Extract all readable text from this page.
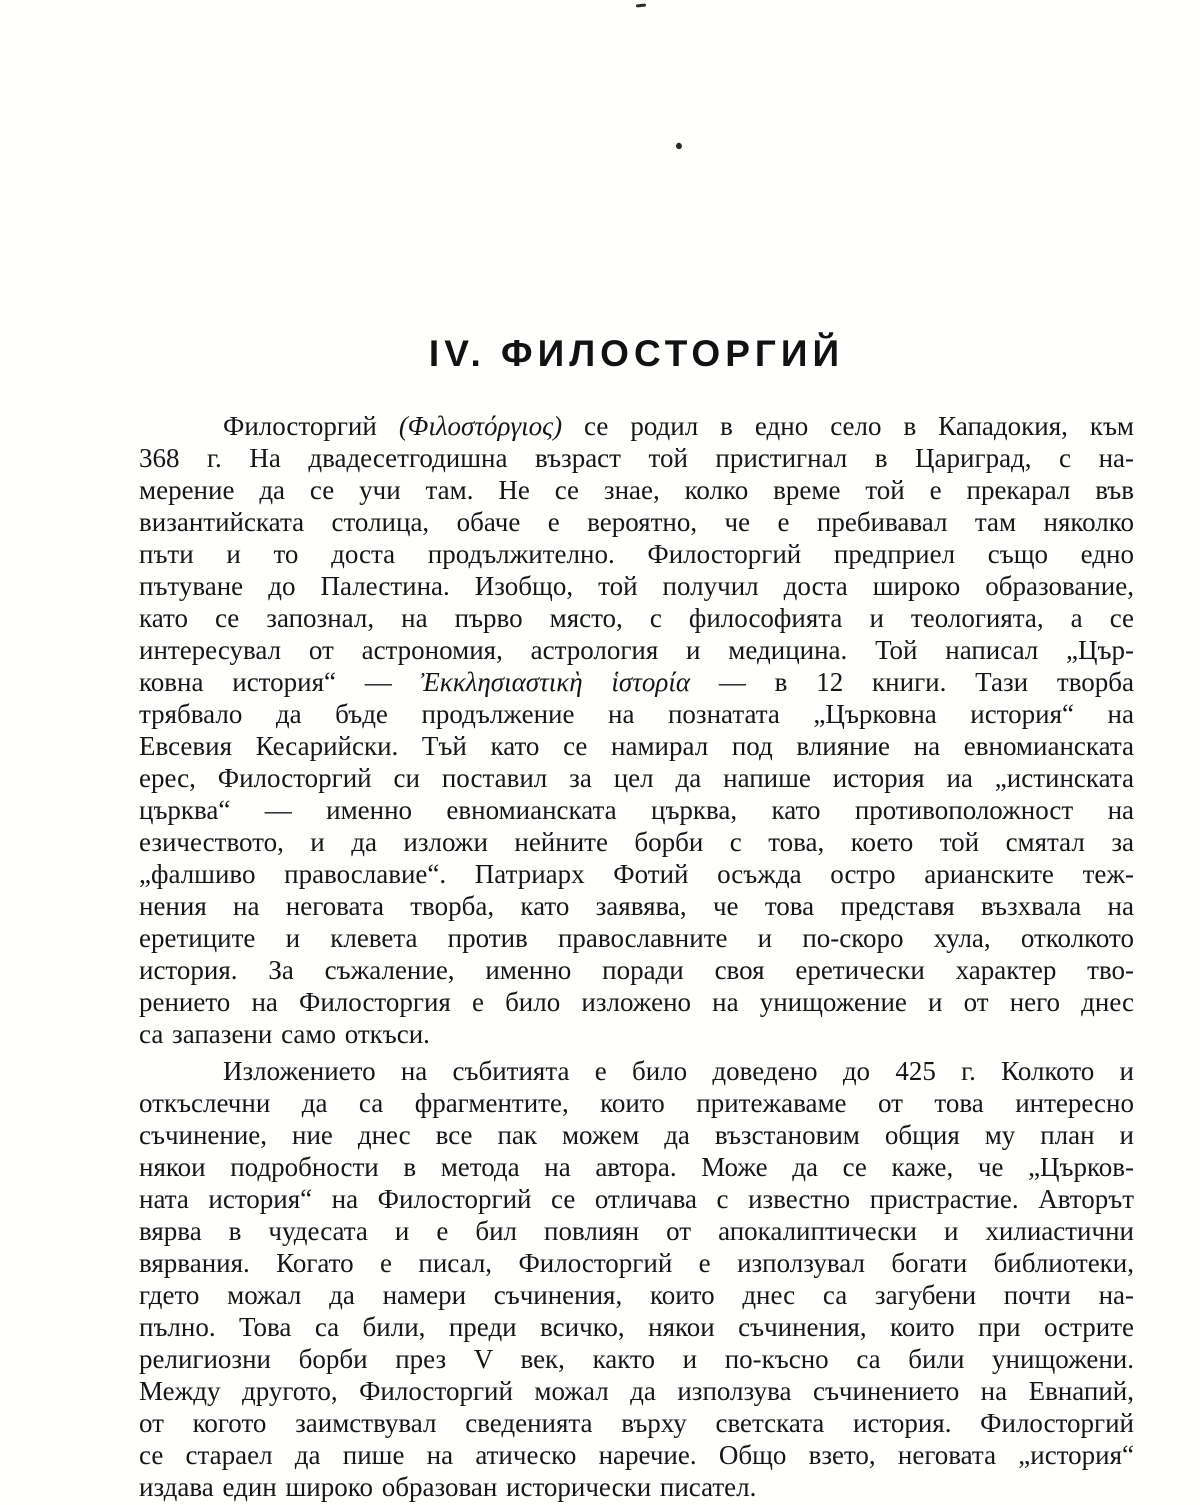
IV. ФИЛОСТОРГИЙ
Филосторгий (Φιλοστόργιος) се родил в едно село в Кападокия, към
368 г. На двадесетгодишна възраст той пристигнал в Цариград, с на-
мерение да се учи там. Не се знае, колко време той е прекарал във
византийската столица, обаче е вероятно, че е пребивавал там няколко
пъти и то доста продължително. Филосторгий предприел също едно
пътуване до Палестина. Изобщо, той получил доста широко образование,
като се запознал, на първо място, с философията и теологията, а се
интересувал от астрономия, астрология и медицина. Той написал „Цър-
ковна история“ — Ἐκκλησιαστικὴ ἱστορία — в 12 книги. Тази творба
трябвало да бъде продължение на познатата „Църковна история“ на
Евсевия Кесарийски. Тъй като се намирал под влияние на евномианската
ерес, Филосторгий си поставил за цел да напише история иа „истинската
църква“ — именно евномианската църква, като противоположност на
езичеството, и да изложи нейните борби с това, което той смятал за
„фалшиво православие“. Патриарх Фотий осъжда остро арианските теж-
нения на неговата творба, като заявява, че това представя възхвала на
еретиците и клевета против православните и по-скоро хула, отколкото
история. За съжаление, именно поради своя еретически характер тво-
рението на Филосторгия е било изложено на унищожение и от него днес
са запазени само откъси.
Изложението на събитията е било доведено до 425 г. Колкото и
откъслечни да са фрагментите, които притежаваме от това интересно
съчинение, ние днес все пак можем да възстановим общия му план и
някои подробности в метода на автора. Може да се каже, че „Църков-
ната история“ на Филосторгий се отличава с известно пристрастие. Авторът
вярва в чудесата и е бил повлиян от апокалиптически и хилиастични
вярвания. Когато е писал, Филосторгий е използувал богати библиотеки,
гдето можал да намери съчинения, които днес са загубени почти на-
пълно. Това са били, преди всичко, някои съчинения, които при острите
религиозни борби през V век, както и по-късно са били унищожени.
Между другото, Филосторгий можал да използува съчинението на Евнапий,
от когото заимствувал сведенията върху светската история. Филосторгий
се стараел да пише на атическо наречие. Общо взето, неговата „история“
издава един широко образован исторически писател.
